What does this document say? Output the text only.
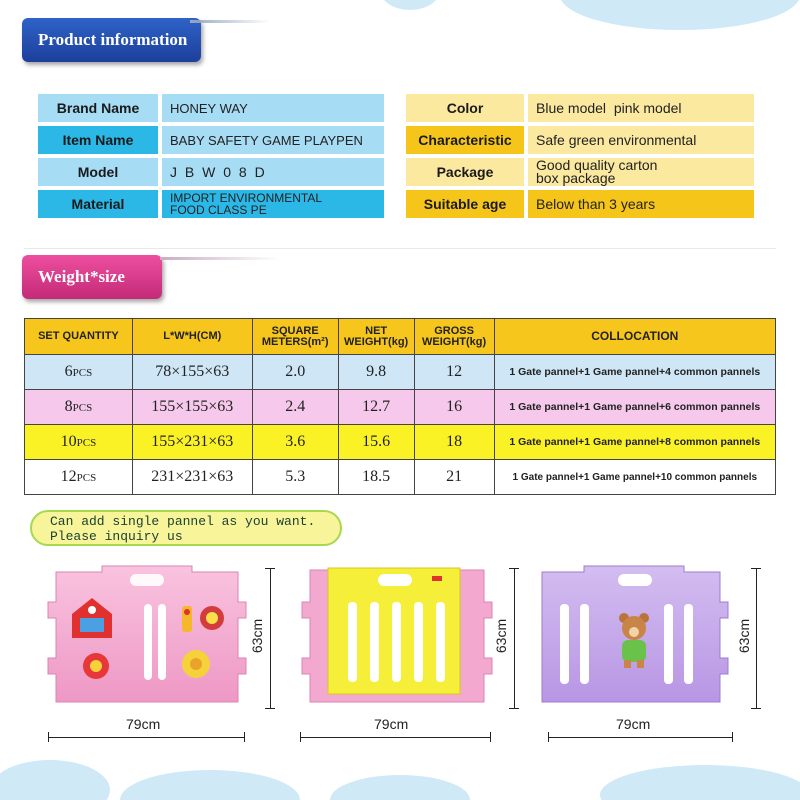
Product information
Brand Name	HONEY WAY
Item Name	BABY SAFETY GAME PLAYPEN
Model	J B W 0 8 D
Material	IMPORT ENVIRONMENTAL FOOD CLASS PE
Color	Blue model  pink model
Characteristic	Safe green environmental
Package	Good quality carton box package
Suitable age	Below than 3 years
Weight*size
SET QUANTITY	L*W*H(CM)	SQUARE METERS(m²)	NET WEIGHT(kg)	GROSS WEIGHT(kg)	COLLOCATION
6PCS	78×155×63	2.0	9.8	12	1 Gate pannel+1 Game pannel+4 common pannels
8PCS	155×155×63	2.4	12.7	16	1 Gate pannel+1 Game pannel+6 common pannels
10PCS	155×231×63	3.6	15.6	18	1 Gate pannel+1 Game pannel+8 common pannels
12PCS	231×231×63	5.3	18.5	21	1 Gate pannel+1 Game pannel+10 common pannels
Can add single pannel as you want.
Please inquiry us
63cm
79cm
63cm
79cm
63cm
79cm
